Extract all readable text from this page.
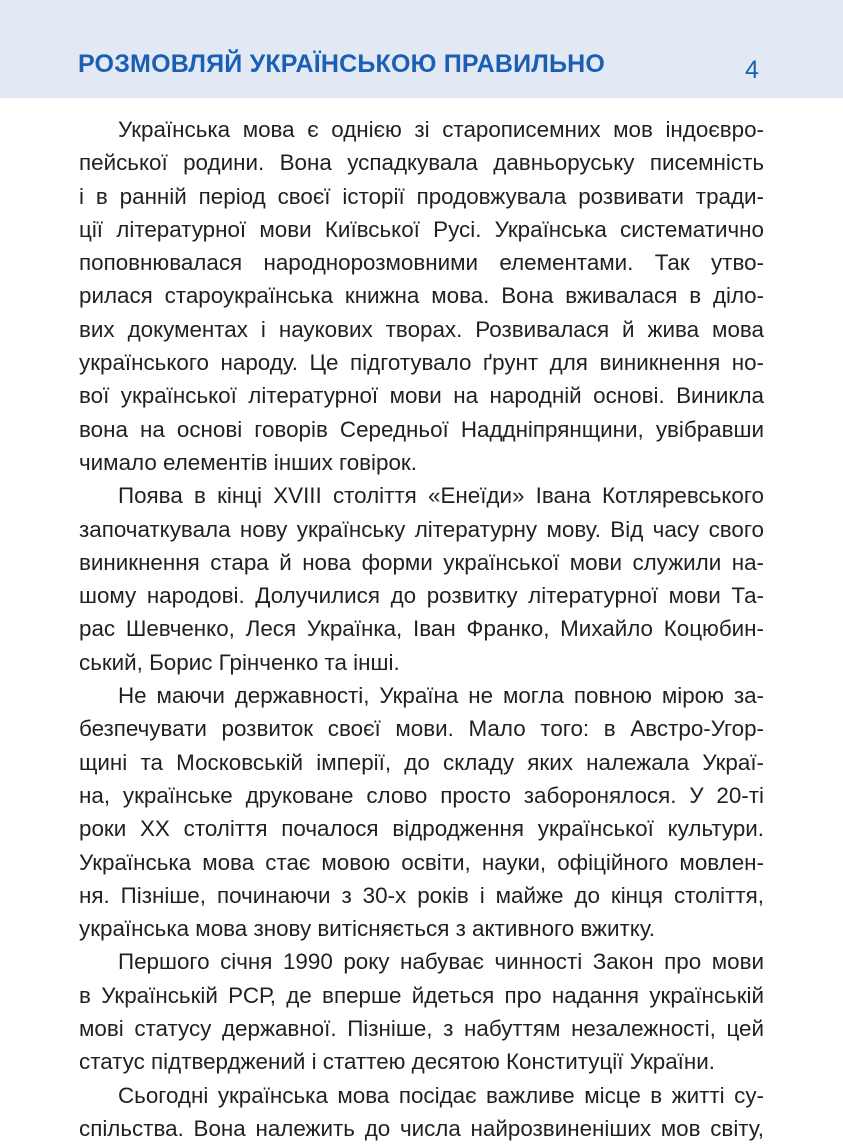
РОЗМОВЛЯЙ УКРАЇНСЬКОЮ ПРАВИЛЬНО	4
Українська мова є однією зі старописемних мов індоєвро-
пейської родини. Вона успадкувала давньоруську писемність
і в ранній період своєї історії продовжувала розвивати тради-
ції літературної мови Київської Русі. Українська систематично
поповнювалася народнорозмовними елементами. Так утво-
рилася староукраїнська книжна мова. Вона вживалася в ділo-
вих документах і наукових творах. Розвивалася й жива мова
українського народу. Це підготувало ґрунт для виникнення но-
вої української літературної мови на народній основі. Виникла
вона на основі говорів Середньої Наддніпрянщини, увібравши
чимало елементів інших говірок.
Поява в кінці XVIII століття «Енеїди» Івана Котляревського
започаткувала нову українську літературну мову. Від часу свого
виникнення стара й нова форми української мови служили на-
шому народові. Долучилися до розвитку літературної мови Та-
рас Шевченко, Леся Українка, Іван Франко, Михайло Коцюбин-
ський, Борис Грінченко та інші.
Не маючи державності, Україна не могла повною мірою за-
безпечувати розвиток своєї мови. Мало того: в Австро-Угор-
щині та Московській імперії, до складу яких належала Украї-
на, українське друковане слово просто заборонялося. У 20-ті
роки XX століття почалося відродження української культури.
Українська мова стає мовою освіти, науки, офіційного мовлен-
ня. Пізніше, починаючи з 30-х років і майже до кінця століття,
українська мова знову витісняється з активного вжитку.
Першого січня 1990 року набуває чинності Закон про мови
в Українській РСР, де вперше йдеться про надання українській
мові статусу державної. Пізніше, з набуттям незалежності, цей
статус підтверджений і статтею десятою Конституції України.
Сьогодні українська мова посідає важливе місце в житті су-
спільства. Вона належить до числа найрозвиненіших мов світу,
